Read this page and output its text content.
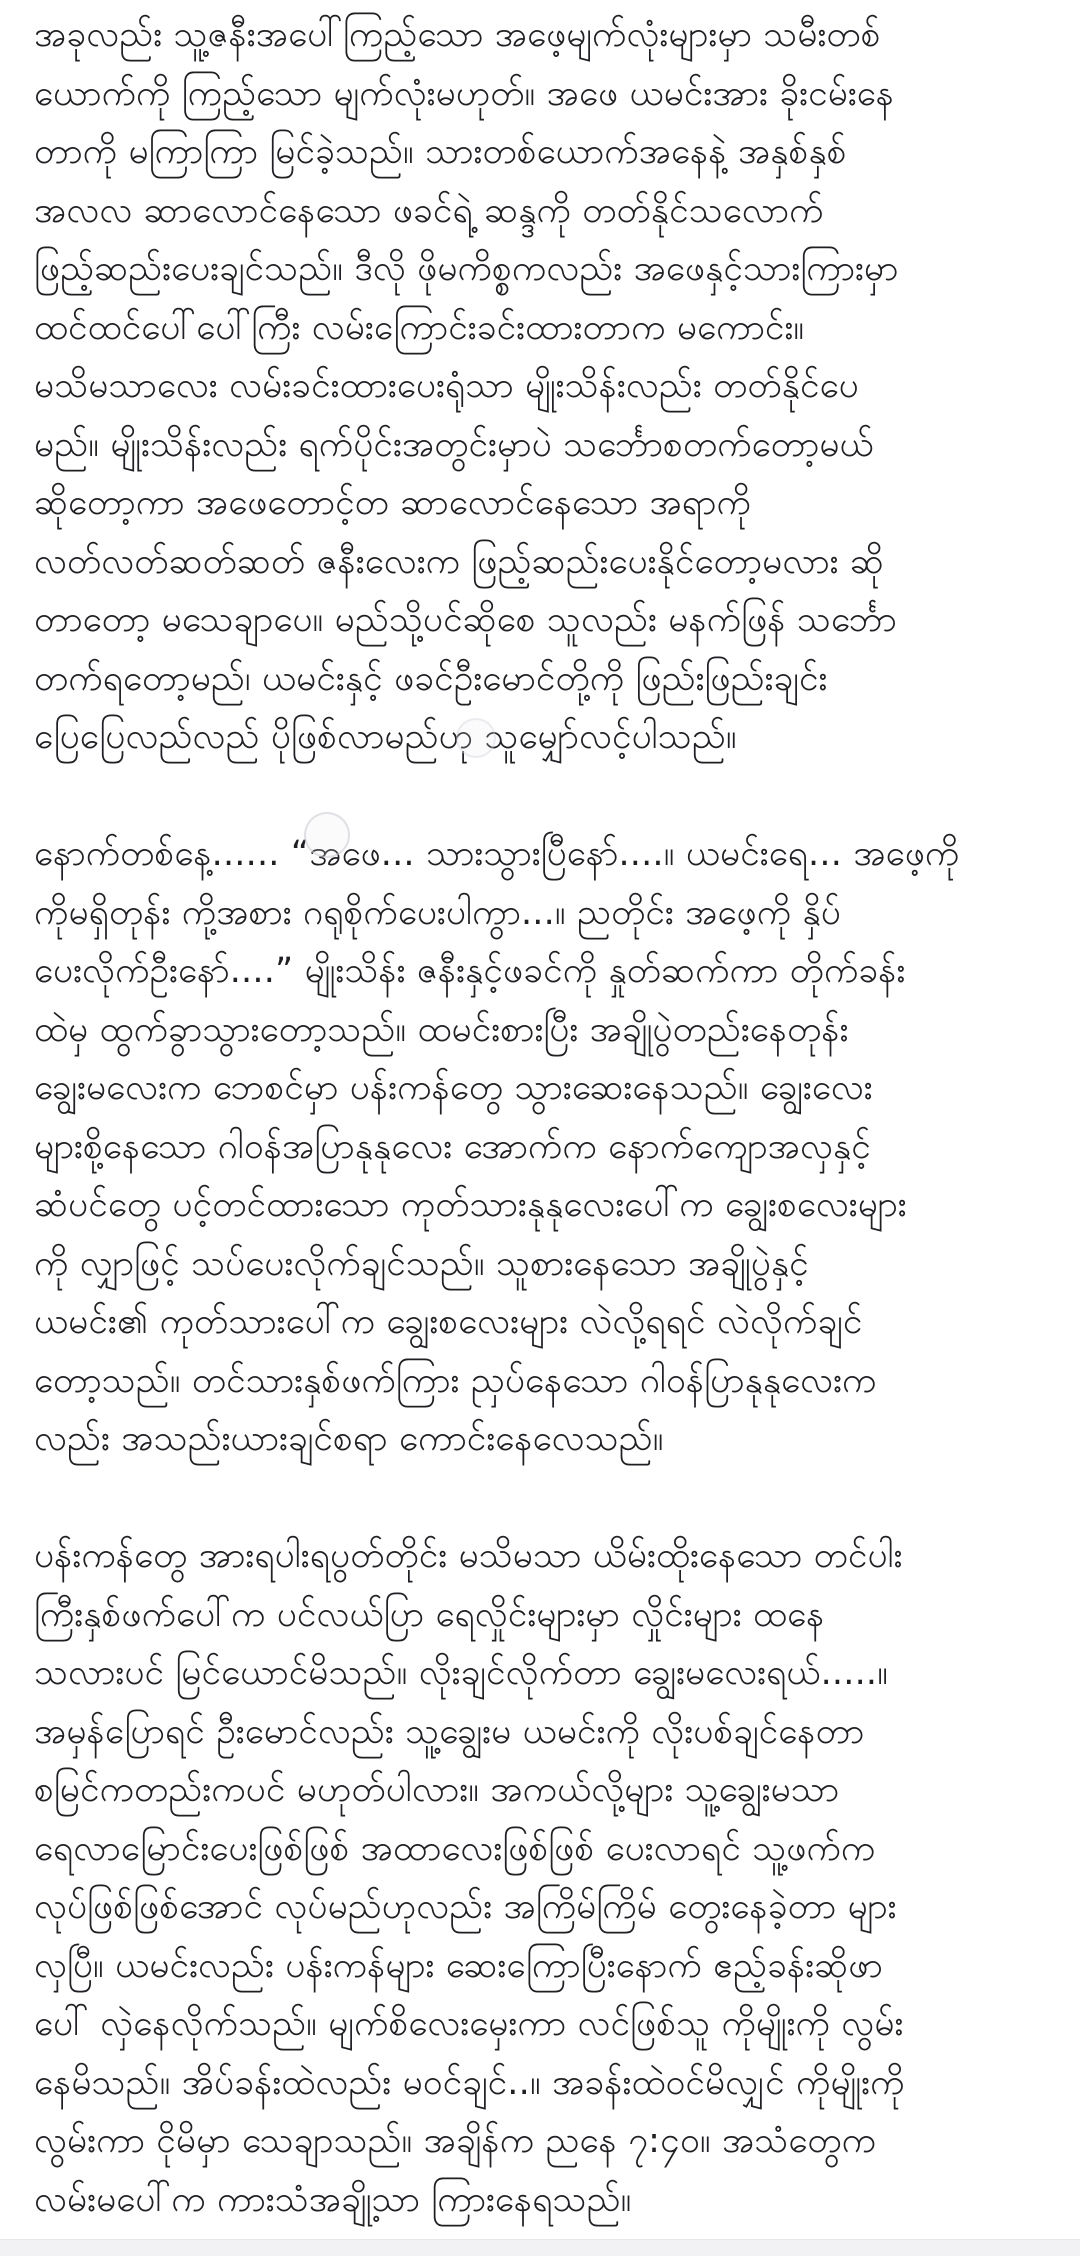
အခုလည်း သူ့ဇနီးအပေါ်ကြည့်သော အဖေ့မျက်လုံးများမှာ သမီးတစ်
ယောက်ကို ကြည့်သော မျက်လုံးမဟုတ်။ အဖေ ယမင်းအား ခိုးငမ်းနေ
တာကို မကြာကြာ မြင်ခဲ့သည်။ သားတစ်ယောက်အနေနဲ့ အနှစ်နှစ်
အလလ ဆာလောင်နေသော ဖခင်ရဲ့ ဆန္ဒကို တတ်နိုင်သလောက်
ဖြည့်ဆည်းပေးချင်သည်။ ဒီလို ဖိုမကိစ္စကလည်း အဖေနှင့်သားကြားမှာ
ထင်ထင်ပေါ်ပေါ်ကြီး လမ်းကြောင်းခင်းထားတာက မကောင်း။
မသိမသာလေး လမ်းခင်းထားပေးရုံသာ မျိုးသိန်းလည်း တတ်နိုင်ပေ
မည်။ မျိုးသိန်းလည်း ရက်ပိုင်းအတွင်းမှာပဲ သင်္ဘောစတက်တော့မယ်
ဆိုတော့ကာ အဖေတောင့်တ ဆာလောင်နေသော အရာကို
လတ်လတ်ဆတ်ဆတ် ဇနီးလေးက ဖြည့်ဆည်းပေးနိုင်တော့မလား ဆို
တာတော့ မသေချာပေ။ မည်သို့ပင်ဆိုစေ သူလည်း မနက်ဖြန် သင်္ဘော
တက်ရတော့မည်၊ ယမင်းနှင့် ဖခင်ဦးမောင်တို့ကို ဖြည်းဖြည်းချင်း
ပြေပြေလည်လည် ပိုဖြစ်လာမည်ဟု သူမျှော်လင့်ပါသည်။
နောက်တစ်နေ့...... “အဖေ... သားသွားပြီနော်....။ ယမင်းရေ... အဖေ့ကို
ကိုမရှိတုန်း ကို့အစား ဂရုစိုက်ပေးပါကွာ...။ ညတိုင်း အဖေ့ကို နှိပ်
ပေးလိုက်ဦးနော်....” မျိုးသိန်း ဇနီးနှင့်ဖခင်ကို နှုတ်ဆက်ကာ တိုက်ခန်း
ထဲမှ ထွက်ခွာသွားတော့သည်။ ထမင်းစားပြီး အချိုပွဲတည်းနေတုန်း
ချွေးမလေးက ဘေစင်မှာ ပန်းကန်တွေ သွားဆေးနေသည်။ ချွေးလေး
များစို့နေသော ဂါဝန်အပြာနုနုလေး အောက်က နောက်ကျောအလှနှင့်
ဆံပင်တွေ ပင့်တင်ထားသော ကုတ်သားနုနုလေးပေါ်က ချွေးစလေးများ
ကို လျှာဖြင့် သပ်ပေးလိုက်ချင်သည်။ သူစားနေသော အချိုပွဲနှင့်
ယမင်း၏ ကုတ်သားပေါ်က ချွေးစလေးများ လဲလို့ရရင် လဲလိုက်ချင်
တော့သည်။ တင်သားနှစ်ဖက်ကြား ညှပ်နေသော ဂါဝန်ပြာနုနုလေးက
လည်း အသည်းယားချင်စရာ ကောင်းနေလေသည်။
ပန်းကန်တွေ အားရပါးရပွတ်တိုင်း မသိမသာ ယိမ်းထိုးနေသော တင်ပါး
ကြီးနှစ်ဖက်ပေါ်က ပင်လယ်ပြာ ရေလှိုင်းများမှာ လှိုင်းများ ထနေ
သလားပင် မြင်ယောင်မိသည်။ လိုးချင်လိုက်တာ ချွေးမလေးရယ်.....။
အမှန်ပြောရင် ဦးမောင်လည်း သူ့ချွေးမ ယမင်းကို လိုးပစ်ချင်နေတာ
စမြင်ကတည်းကပင် မဟုတ်ပါလား။ အကယ်လို့များ သူ့ချွေးမသာ
ရေလာမြောင်းပေးဖြစ်ဖြစ် အထာလေးဖြစ်ဖြစ် ပေးလာရင် သူ့ဖက်က
လုပ်ဖြစ်ဖြစ်အောင် လုပ်မည်ဟုလည်း အကြိမ်ကြိမ် တွေးနေခဲ့တာ များ
လှပြီ။ ယမင်းလည်း ပန်းကန်များ ဆေးကြောပြီးနောက် ဧည့်ခန်းဆိုဖာ
ပေါ် လှဲနေလိုက်သည်။ မျက်စိလေးမှေးကာ လင်ဖြစ်သူ ကိုမျိုးကို လွမ်း
နေမိသည်။ အိပ်ခန်းထဲလည်း မဝင်ချင်..။ အခန်းထဲဝင်မိလျှင် ကိုမျိုးကို
လွမ်းကာ ငိုမိမှာ သေချာသည်။ အချိန်က ညနေ ၇:၄၀။ အသံတွေက
လမ်းမပေါ်က ကားသံအချို့သာ ကြားနေရသည်။
